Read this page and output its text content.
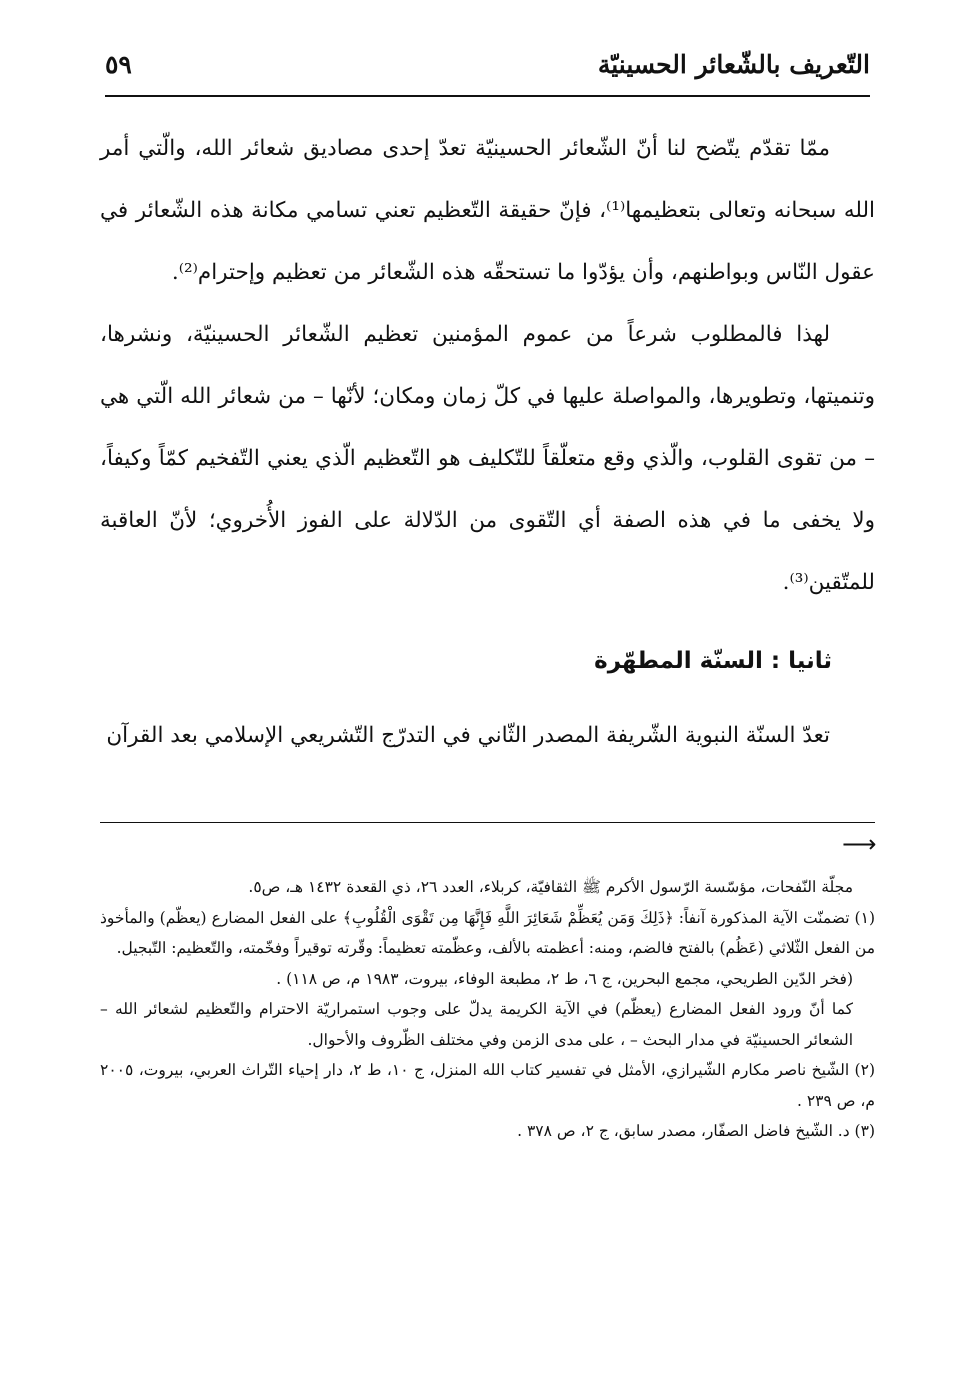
التّعريف بالشّعائر الحسينيّة
٥٩

ممّا تقدّم يتّضح لنا أنّ الشّعائر الحسينيّة تعدّ إحدى مصاديق شعائر الله، والّتي أمر الله سبحانه وتعالى بتعظيمها⁽¹⁾، فإنّ حقيقة التّعظيم تعني تسامي مكانة هذه الشّعائر في عقول النّاس وبواطنهم، وأن يؤدّوا ما تستحقّه هذه الشّعائر من تعظيم وإحترام⁽²⁾.

لهذا فالمطلوب شرعاً من عموم المؤمنين تعظيم الشّعائر الحسينيّة، ونشرها، وتنميتها، وتطويرها، والمواصلة عليها في كلّ زمان ومكان؛ لأنّها – من شعائر الله الّتي هي – من تقوى القلوب، والّذي وقع متعلّقاً للتّكليف هو التّعظيم الّذي يعني التّفخيم كمّاً وكيفاً، ولا يخفى ما في هذه الصفة أي التّقوى من الدّلالة على الفوز الأُخروي؛ لأنّ العاقبة للمتّقين⁽³⁾.

ثانيا : السنّة المطهّرة
تعدّ السنّة النبوية الشّريفة المصدر الثّاني في التدرّج التّشريعي الإسلامي بعد القرآن
⟶

مجلّة النّفحات، مؤسّسة الرّسول الأكرم ﷺ الثقافيّة، كربلاء، العدد ٢٦، ذي القعدة ١٤٣٢ هـ، ص٥.

(١) تضمنّت الآية المذكورة آنفاً: ﴿ذَلِكَ وَمَن يُعَظِّمْ شَعَائِرَ اللَّهِ فَإِنَّهَا مِن تَقْوَى الْقُلُوبِ﴾ على الفعل المضارع (يعظّم) والمأخوذ من الفعل الثّلاثي (عَظُم) بالفتح فالضم، ومنه: أعظمته بالألف، وعظّمته تعظيماً: وقّرته توقيراً وفخّمته، والتّعظيم: التّبجيل.

(فخر الدّين الطريحي، مجمع البحرين، ج ٦، ط ٢، مطبعة الوفاء، بيروت، ١٩٨٣ م، ص ١١٨) .

كما أنّ ورود الفعل المضارع (يعظّم) في الآية الكريمة يدلّ على وجوب استمراريّة الاحترام والتّعظيم لشعائر الله – الشعائر الحسينيّة في مدار البحث – ، على مدى الزمن وفي مختلف الظّروف والأحوال.

(٢) الشّيخ ناصر مكارم الشّيرازي، الأمثل في تفسير كتاب الله المنزل، ج ١٠، ط ٢، دار إحياء التّراث العربي، بيروت، ٢٠٠٥ م، ص ٢٣٩ .

(٣) د. الشّيخ فاضل الصفّار، مصدر سابق، ج ٢، ص ٣٧٨ .
